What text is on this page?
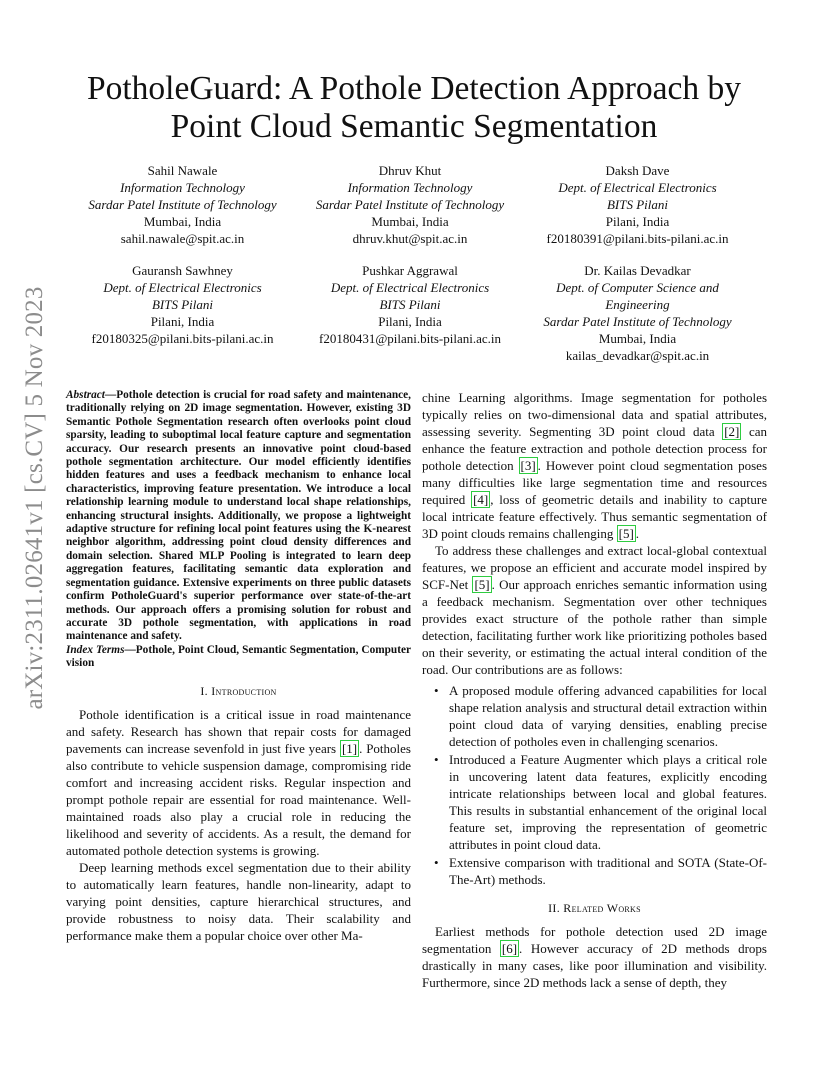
arXiv:2311.02641v1 [cs.CV] 5 Nov 2023
PotholeGuard: A Pothole Detection Approach by
Point Cloud Semantic Segmentation
Sahil Nawale
Information Technology
Sardar Patel Institute of Technology
Mumbai, India
sahil.nawale@spit.ac.in
Dhruv Khut
Information Technology
Sardar Patel Institute of Technology
Mumbai, India
dhruv.khut@spit.ac.in
Daksh Dave
Dept. of Electrical Electronics
BITS Pilani
Pilani, India
f20180391@pilani.bits-pilani.ac.in
Gauransh Sawhney
Dept. of Electrical Electronics
BITS Pilani
Pilani, India
f20180325@pilani.bits-pilani.ac.in
Pushkar Aggrawal
Dept. of Electrical Electronics
BITS Pilani
Pilani, India
f20180431@pilani.bits-pilani.ac.in
Dr. Kailas Devadkar
Dept. of Computer Science and Engineering
Sardar Patel Institute of Technology
Mumbai, India
kailas_devadkar@spit.ac.in
Abstract—Pothole detection is crucial for road safety and maintenance, traditionally relying on 2D image segmentation. However, existing 3D Semantic Pothole Segmentation research often overlooks point cloud sparsity, leading to suboptimal local feature capture and segmentation accuracy. Our research presents an innovative point cloud-based pothole segmentation architecture. Our model efficiently identifies hidden features and uses a feedback mechanism to enhance local characteristics, improving feature presentation. We introduce a local relationship learning module to understand local shape relationships, enhancing structural insights. Additionally, we propose a lightweight adaptive structure for refining local point features using the K-nearest neighbor algorithm, addressing point cloud density differences and domain selection. Shared MLP Pooling is integrated to learn deep aggregation features, facilitating semantic data exploration and segmentation guidance. Extensive experiments on three public datasets confirm PotholeGuard's superior performance over state-of-the-art methods. Our approach offers a promising solution for robust and accurate 3D pothole segmentation, with applications in road maintenance and safety.
Index Terms—Pothole, Point Cloud, Semantic Segmentation, Computer vision
I. Introduction

Pothole identification is a critical issue in road maintenance and safety. Research has shown that repair costs for damaged pavements can increase sevenfold in just five years [1] . Potholes also contribute to vehicle suspension damage, compromising ride comfort and increasing accident risks. Regular inspection and prompt pothole repair are essential for road maintenance. Well-maintained roads also play a crucial role in reducing the likelihood and severity of accidents. As a result, the demand for automated pothole detection systems is growing.

Deep learning methods excel segmentation due to their ability to automatically learn features, handle non-linearity, adapt to varying point densities, capture hierarchical structures, and provide robustness to noisy data. Their scalability and performance make them a popular choice over other Ma-

chine Learning algorithms. Image segmentation for potholes typically relies on two-dimensional data and spatial attributes, assessing severity. Segmenting 3D point cloud data [2] can enhance the feature extraction and pothole detection process for pothole detection [3] . However point cloud segmentation poses many difficulties like large segmentation time and resources required [4] , loss of geometric details and inability to capture local intricate feature effectively. Thus semantic segmentation of 3D point clouds remains challenging [5] .

To address these challenges and extract local-global contextual features, we propose an efficient and accurate model inspired by SCF-Net [5] . Our approach enriches semantic information using a feedback mechanism. Segmentation over other techniques provides exact structure of the pothole rather than simple detection, facilitating further work like prioritizing potholes based on their severity, or estimating the actual interal condition of the road. Our contributions are as follows:

• A proposed module offering advanced capabilities for local shape relation analysis and structural detail extraction within point cloud data of varying densities, enabling precise detection of potholes even in challenging scenarios.
• Introduced a Feature Augmenter which plays a critical role in uncovering latent data features, explicitly encoding intricate relationships between local and global features. This results in substantial enhancement of the original local feature set, improving the representation of geometric attributes in point cloud data.
• Extensive comparison with traditional and SOTA (State-Of-The-Art) methods.
II. Related Works

Earliest methods for pothole detection used 2D image segmentation [6] . However accuracy of 2D methods drops drastically in many cases, like poor illumination and visibility. Furthermore, since 2D methods lack a sense of depth, they
